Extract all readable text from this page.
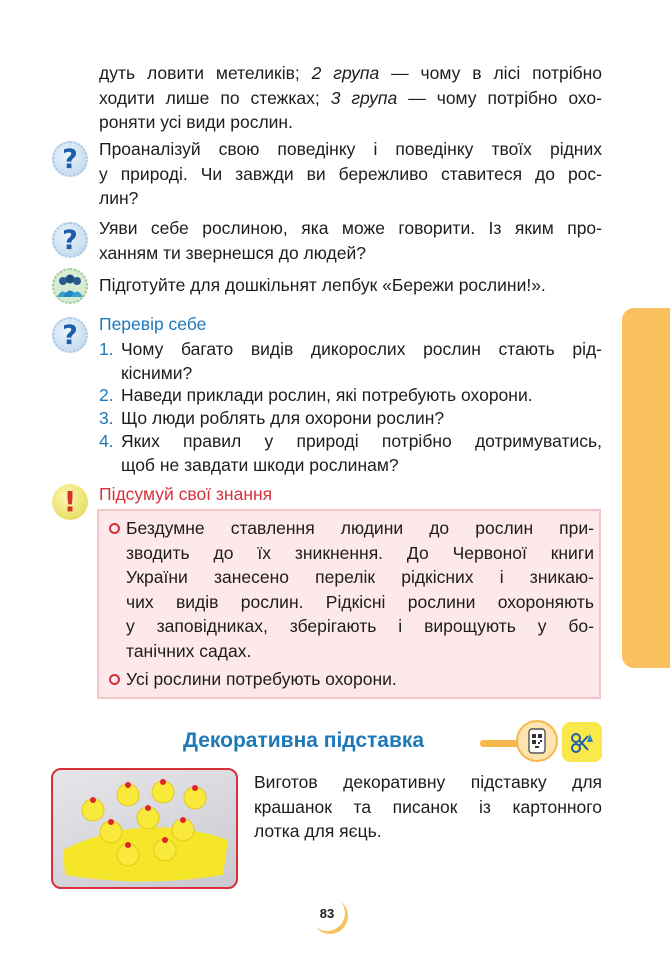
дуть ловити метеликів; 2 група — чому в лісі потрібно
ходити лише по стежках; 3 група — чому потрібно охо-
роняти усі види рослин.
? Проаналізуй свою поведінку і поведінку твоїх рідних
у природі. Чи завжди ви бережливо ставитеся до рос-
лин?
? Уяви себе рослиною, яка може говорити. Із яким про-
ханням ти звернешся до людей?
Підготуйте для дошкільнят лепбук «Бережи рослини!».
? Перевір себе
1. Чому багато видів дикорослих рослин стають рід-
кісними?
2. Наведи приклади рослин, які потребують охорони.
3. Що люди роблять для охорони рослин?
4. Яких правил у природі потрібно дотримуватись,
щоб не завдати шкоди рослинам?
! Підсумуй свої знання
Бездумне ставлення людини до рослин при-
зводить до їх зникнення. До Червоної книги
України занесено перелік рідкісних і зникаю-
чих видів рослин. Рідкісні рослини охороняють
у заповідниках, зберігають і вирощують у бо-
танічних садах.
Усі рослини потребують охорони.
Декоративна підставка
Виготов декоративну підставку для
крашанок та писанок із картонного
лотка для яєць.
83
